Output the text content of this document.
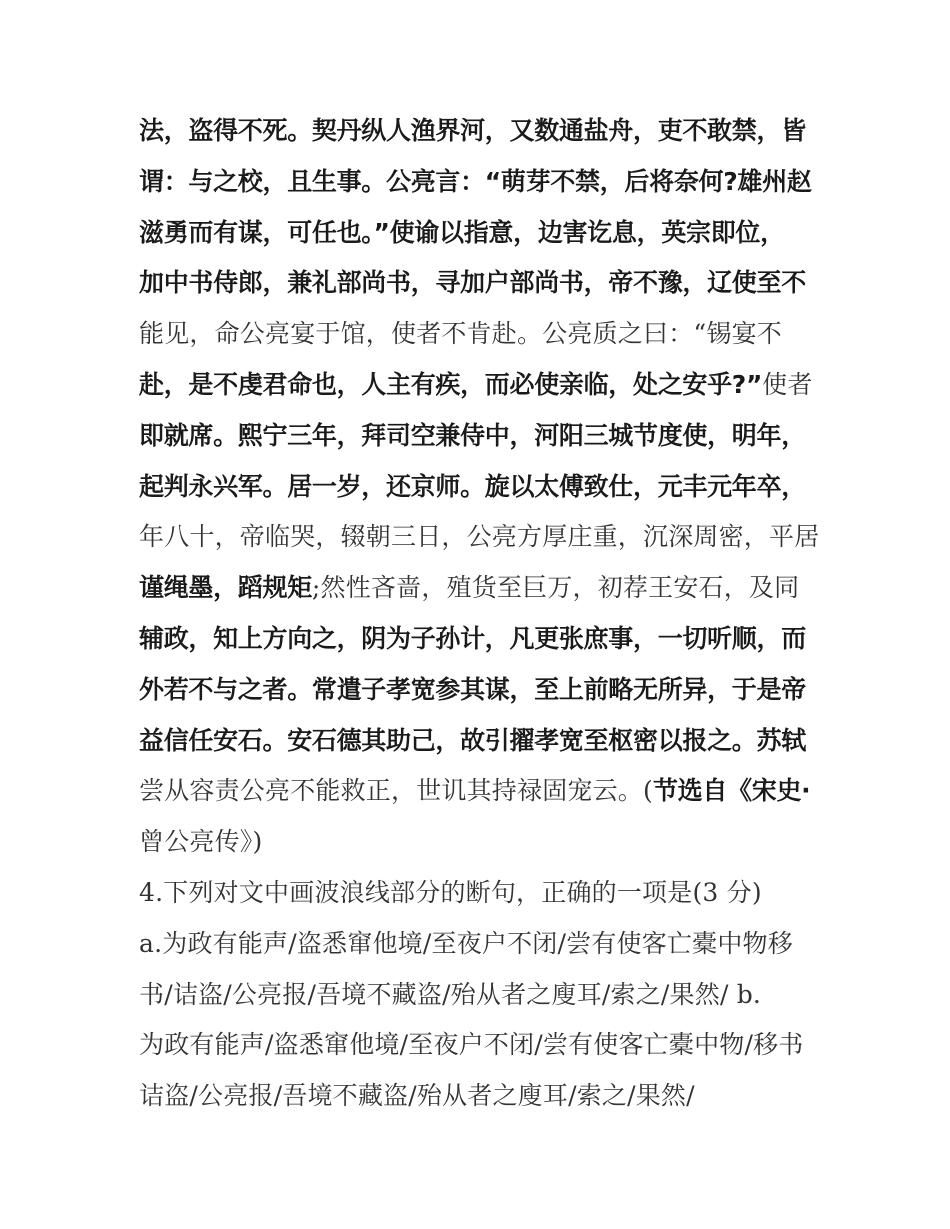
法，盗得不死。契丹纵人渔界河，又数通盐舟，吏不敢禁，皆
谓：与之校，且生事。公亮言：“萌芽不禁，后将奈何?雄州赵
滋勇而有谋，可任也。”使谕以指意，边害讫息，英宗即位，
加中书侍郎，兼礼部尚书，寻加户部尚书，帝不豫，辽使至不
能见，命公亮宴于馆，使者不肯赴。公亮质之曰：“锡宴不
赴，是不虔君命也，人主有疾，而必使亲临，处之安乎?”使者
即就席。熙宁三年，拜司空兼侍中，河阳三城节度使，明年，
起判永兴军。居一岁，还京师。旋以太傅致仕，元丰元年卒，
年八十，帝临哭，辍朝三日，公亮方厚庄重，沉深周密，平居
谨绳墨，蹈规矩;然性吝啬，殖货至巨万，初荐王安石，及同
辅政，知上方向之，阴为子孙计，凡更张庶事，一切听顺，而
外若不与之者。常遣子孝宽参其谋，至上前略无所异，于是帝
益信任安石。安石德其助己，故引擢孝宽至枢密以报之。苏轼
尝从容责公亮不能救正，世讥其持禄固宠云。(节选自《宋史·
曾公亮传》)
4.下列对文中画波浪线部分的断句，正确的一项是(3 分)
a.为政有能声/盗悉窜他境/至夜户不闭/尝有使客亡橐中物移
书/诘盗/公亮报/吾境不藏盗/殆从者之廋耳/索之/果然/ b.
为政有能声/盗悉窜他境/至夜户不闭/尝有使客亡橐中物/移书
诘盗/公亮报/吾境不藏盗/殆从者之廋耳/索之/果然/
